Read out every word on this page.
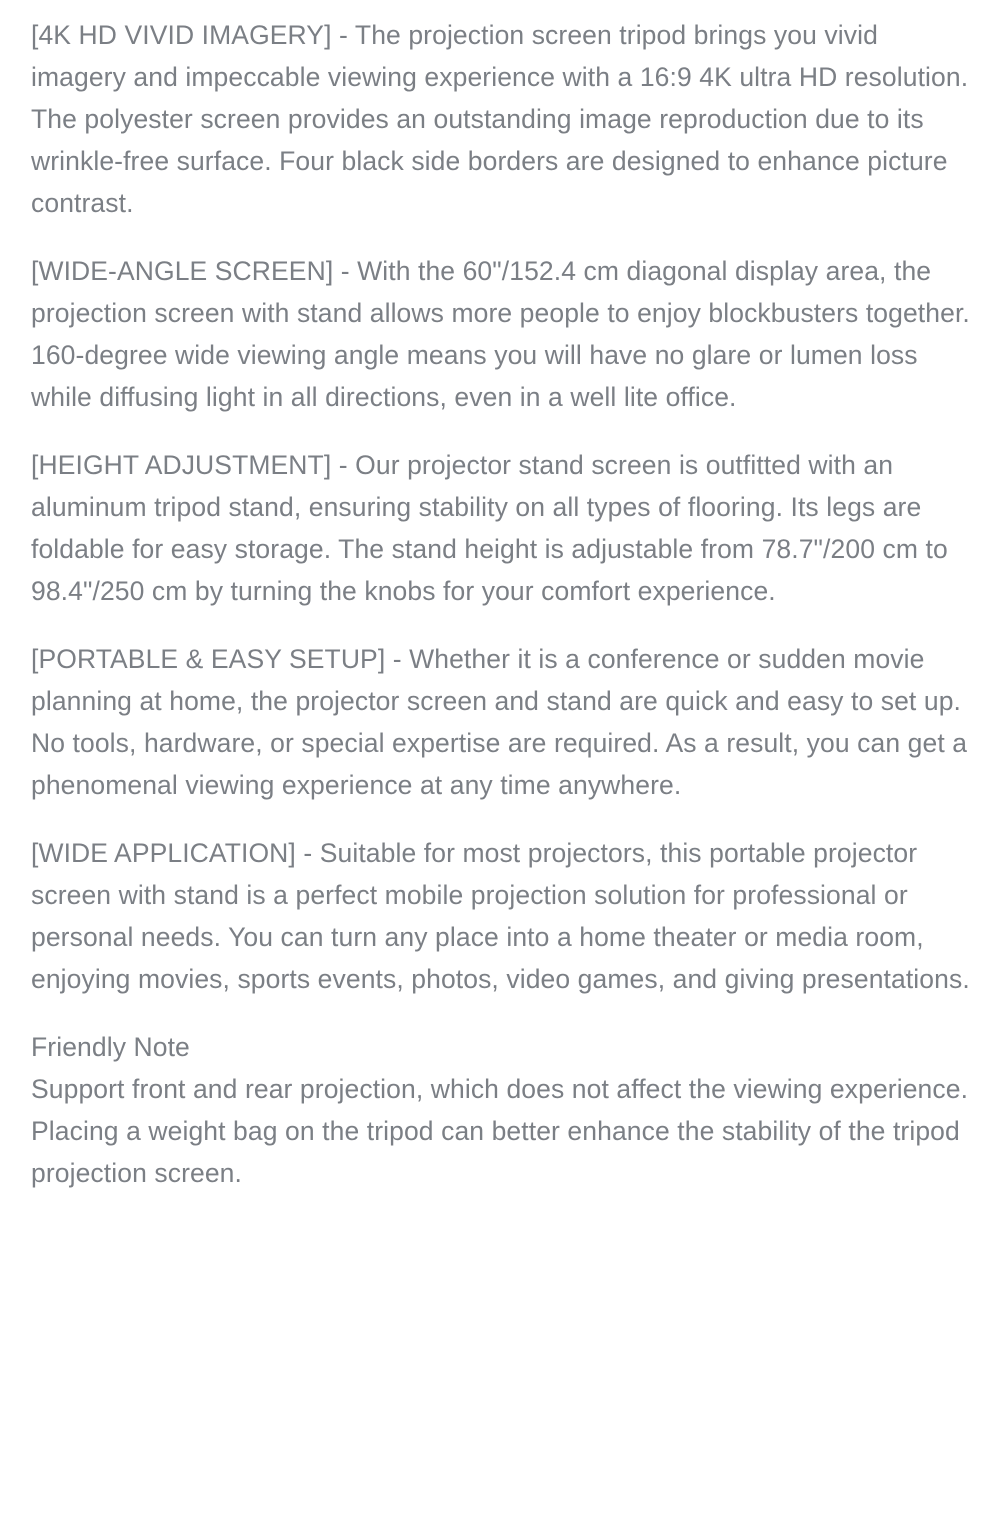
[4K HD VIVID IMAGERY] - The projection screen tripod brings you vivid imagery and impeccable viewing experience with a 16:9 4K ultra HD resolution. The polyester screen provides an outstanding image reproduction due to its wrinkle-free surface. Four black side borders are designed to enhance picture contrast.

[WIDE-ANGLE SCREEN] - With the 60"/152.4 cm diagonal display area, the projection screen with stand allows more people to enjoy blockbusters together. 160-degree wide viewing angle means you will have no glare or lumen loss while diffusing light in all directions, even in a well lite office.

[HEIGHT ADJUSTMENT] - Our projector stand screen is outfitted with an aluminum tripod stand, ensuring stability on all types of flooring. Its legs are foldable for easy storage. The stand height is adjustable from 78.7"/200 cm to 98.4"/250 cm by turning the knobs for your comfort experience.

[PORTABLE & EASY SETUP] - Whether it is a conference or sudden movie planning at home, the projector screen and stand are quick and easy to set up. No tools, hardware, or special expertise are required. As a result, you can get a phenomenal viewing experience at any time anywhere.

[WIDE APPLICATION] - Suitable for most projectors, this portable projector screen with stand is a perfect mobile projection solution for professional or personal needs. You can turn any place into a home theater or media room, enjoying movies, sports events, photos, video games, and giving presentations.

Friendly Note
Support front and rear projection, which does not affect the viewing experience.
Placing a weight bag on the tripod can better enhance the stability of the tripod projection screen.
